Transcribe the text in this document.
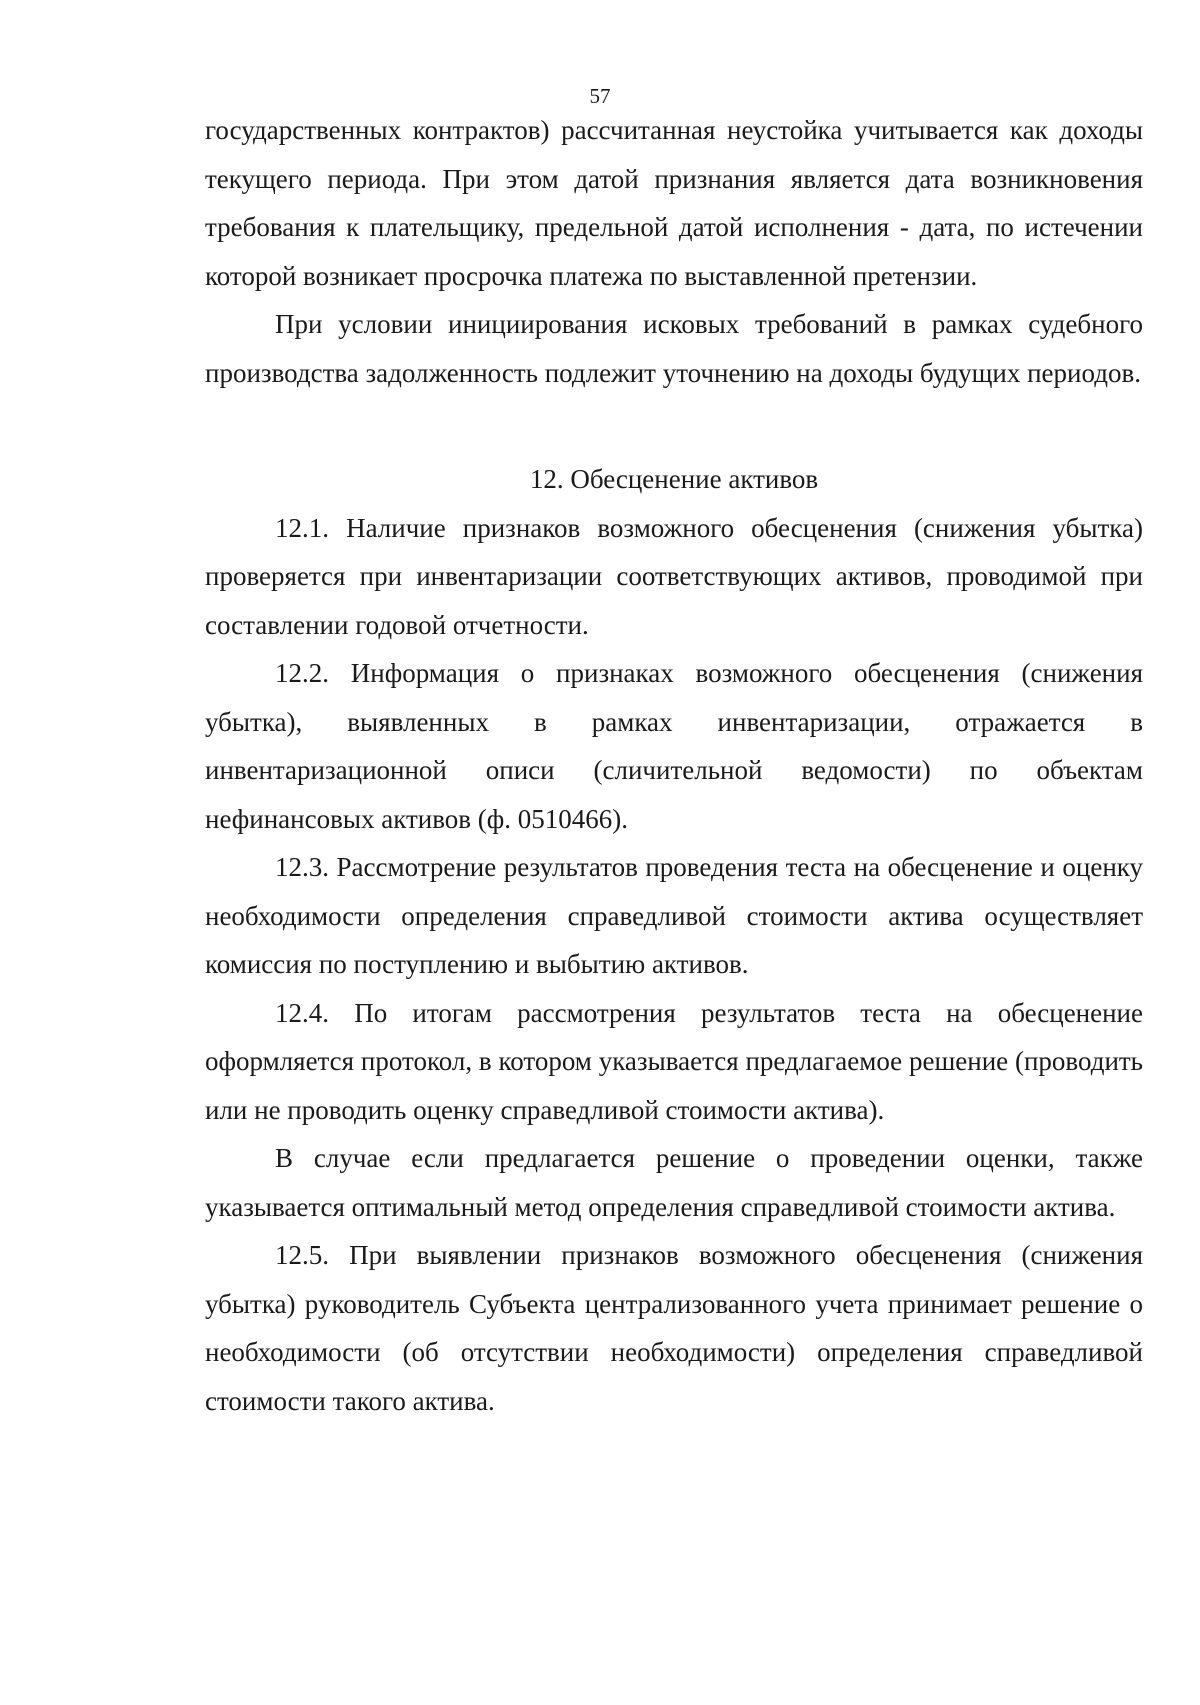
57

государственных контрактов) рассчитанная неустойка учитывается как доходы текущего периода. При этом датой признания является дата возникновения требования к плательщику, предельной датой исполнения - дата, по истечении которой возникает просрочка платежа по выставленной претензии.

При условии инициирования исковых требований в рамках судебного производства задолженность подлежит уточнению на доходы будущих периодов.

12. Обесценение активов

12.1. Наличие признаков возможного обесценения (снижения убытка) проверяется при инвентаризации соответствующих активов, проводимой при составлении годовой отчетности.

12.2. Информация о признаках возможного обесценения (снижения убытка), выявленных в рамках инвентаризации, отражается в инвентаризационной описи (сличительной ведомости) по объектам нефинансовых активов (ф. 0510466).

12.3. Рассмотрение результатов проведения теста на обесценение и оценку необходимости определения справедливой стоимости актива осуществляет комиссия по поступлению и выбытию активов.

12.4. По итогам рассмотрения результатов теста на обесценение оформляется протокол, в котором указывается предлагаемое решение (проводить или не проводить оценку справедливой стоимости актива).

В случае если предлагается решение о проведении оценки, также указывается оптимальный метод определения справедливой стоимости актива.

12.5. При выявлении признаков возможного обесценения (снижения убытка) руководитель Субъекта централизованного учета принимает решение о необходимости (об отсутствии необходимости) определения справедливой стоимости такого актива.
